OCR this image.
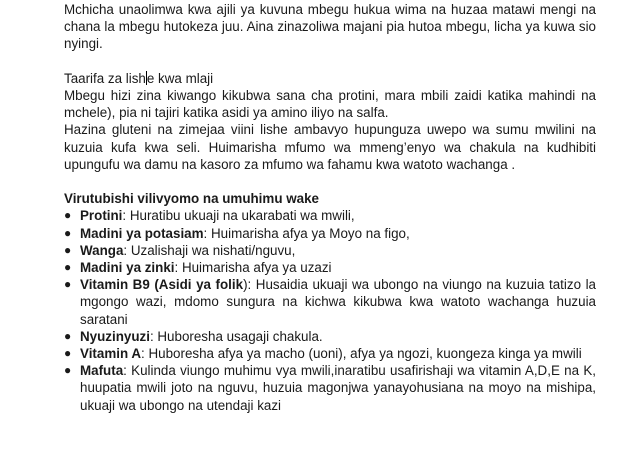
Mchicha unaolimwa kwa ajili ya kuvuna mbegu hukua wima na huzaa matawi mengi na chana la mbegu hutokeza juu. Aina zinazoliwa majani pia hutoa mbegu, licha ya kuwa sio nyingi.

Taarifa za lishe kwa mlaji

Mbegu hizi zina kiwango kikubwa sana cha protini, mara mbili zaidi katika mahindi na mchele), pia ni tajiri katika asidi ya amino iliyo na salfa.

Hazina gluteni na zimejaa viini lishe ambavyo hupunguza uwepo wa sumu mwilini na kuzuia kufa kwa seli. Huimarisha mfumo wa mmeng’enyo wa chakula na kudhibiti upungufu wa damu na kasoro za mfumo wa fahamu kwa watoto wachanga .

Virutubishi vilivyomo na umuhimu wake

● Protini: Huratibu ukuaji na ukarabati wa mwili,
● Madini ya potasiam: Huimarisha afya ya Moyo na figo,
● Wanga: Uzalishaji wa nishati/nguvu,
● Madini ya zinki: Huimarisha afya ya uzazi
● Vitamin B9 (Asidi ya folik): Husaidia ukuaji wa ubongo na viungo na kuzuia tatizo la mgongo wazi, mdomo sungura na kichwa kikubwa kwa watoto wachanga huzuia saratani
● Nyuzinyuzi: Huboresha usagaji chakula.
● Vitamin A: Huboresha afya ya macho (uoni), afya ya ngozi, kuongeza kinga ya mwili
● Mafuta: Kulinda viungo muhimu vya mwili,inaratibu usafirishaji wa vitamin A,D,E na K, huupatia mwili joto na nguvu, huzuia magonjwa yanayohusiana na moyo na mishipa, ukuaji wa ubongo na utendaji kazi
